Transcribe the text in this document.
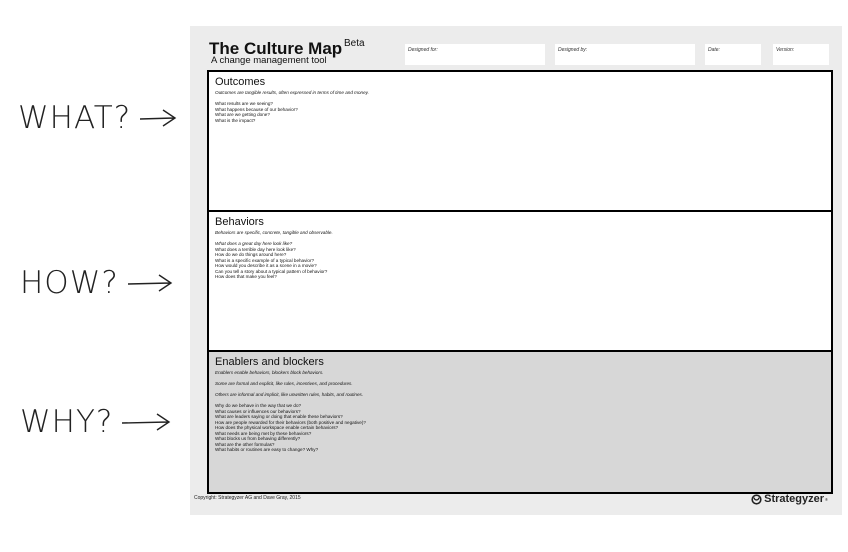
WHAT?
HOW?
WHY?
The Culture Map Beta
A change management tool
Designed for:	Designed by:	Date:	Version:
Outcomes
Outcomes are tangible results, often expressed in terms of time and money.
What results are we seeing?
What happens because of our behavior?
What are we getting done?
What is the impact?
Behaviors
Behaviors are specific, concrete, tangible and observable.
What does a great day here look like?
What does a terrible day here look like?
How do we do things around here?
What is a specific example of a typical behavior?
How would you describe it as a scene in a movie?
Can you tell a story about a typical pattern of behavior?
How does that make you feel?
Enablers and blockers
Enablers enable behaviors, blockers block behaviors.
Some are formal and explicit, like rules, incentives, and procedures.
Others are informal and implicit, like unwritten rules, habits, and routines.
Why do we behave in the way that we do?
What causes or influences our behaviors?
What are leaders saying or doing that enable these behaviors?
How are people rewarded for their behaviors (both positive and negative)?
How does the physical workspace enable certain behaviors?
What needs are being met by these behaviors?
What blocks us from behaving differently?
What are the other formulas?
What habits or routines are easy to change? Why?
Copyright: Strategyzer AG and Dave Gray, 2015	Strategyzer ®
